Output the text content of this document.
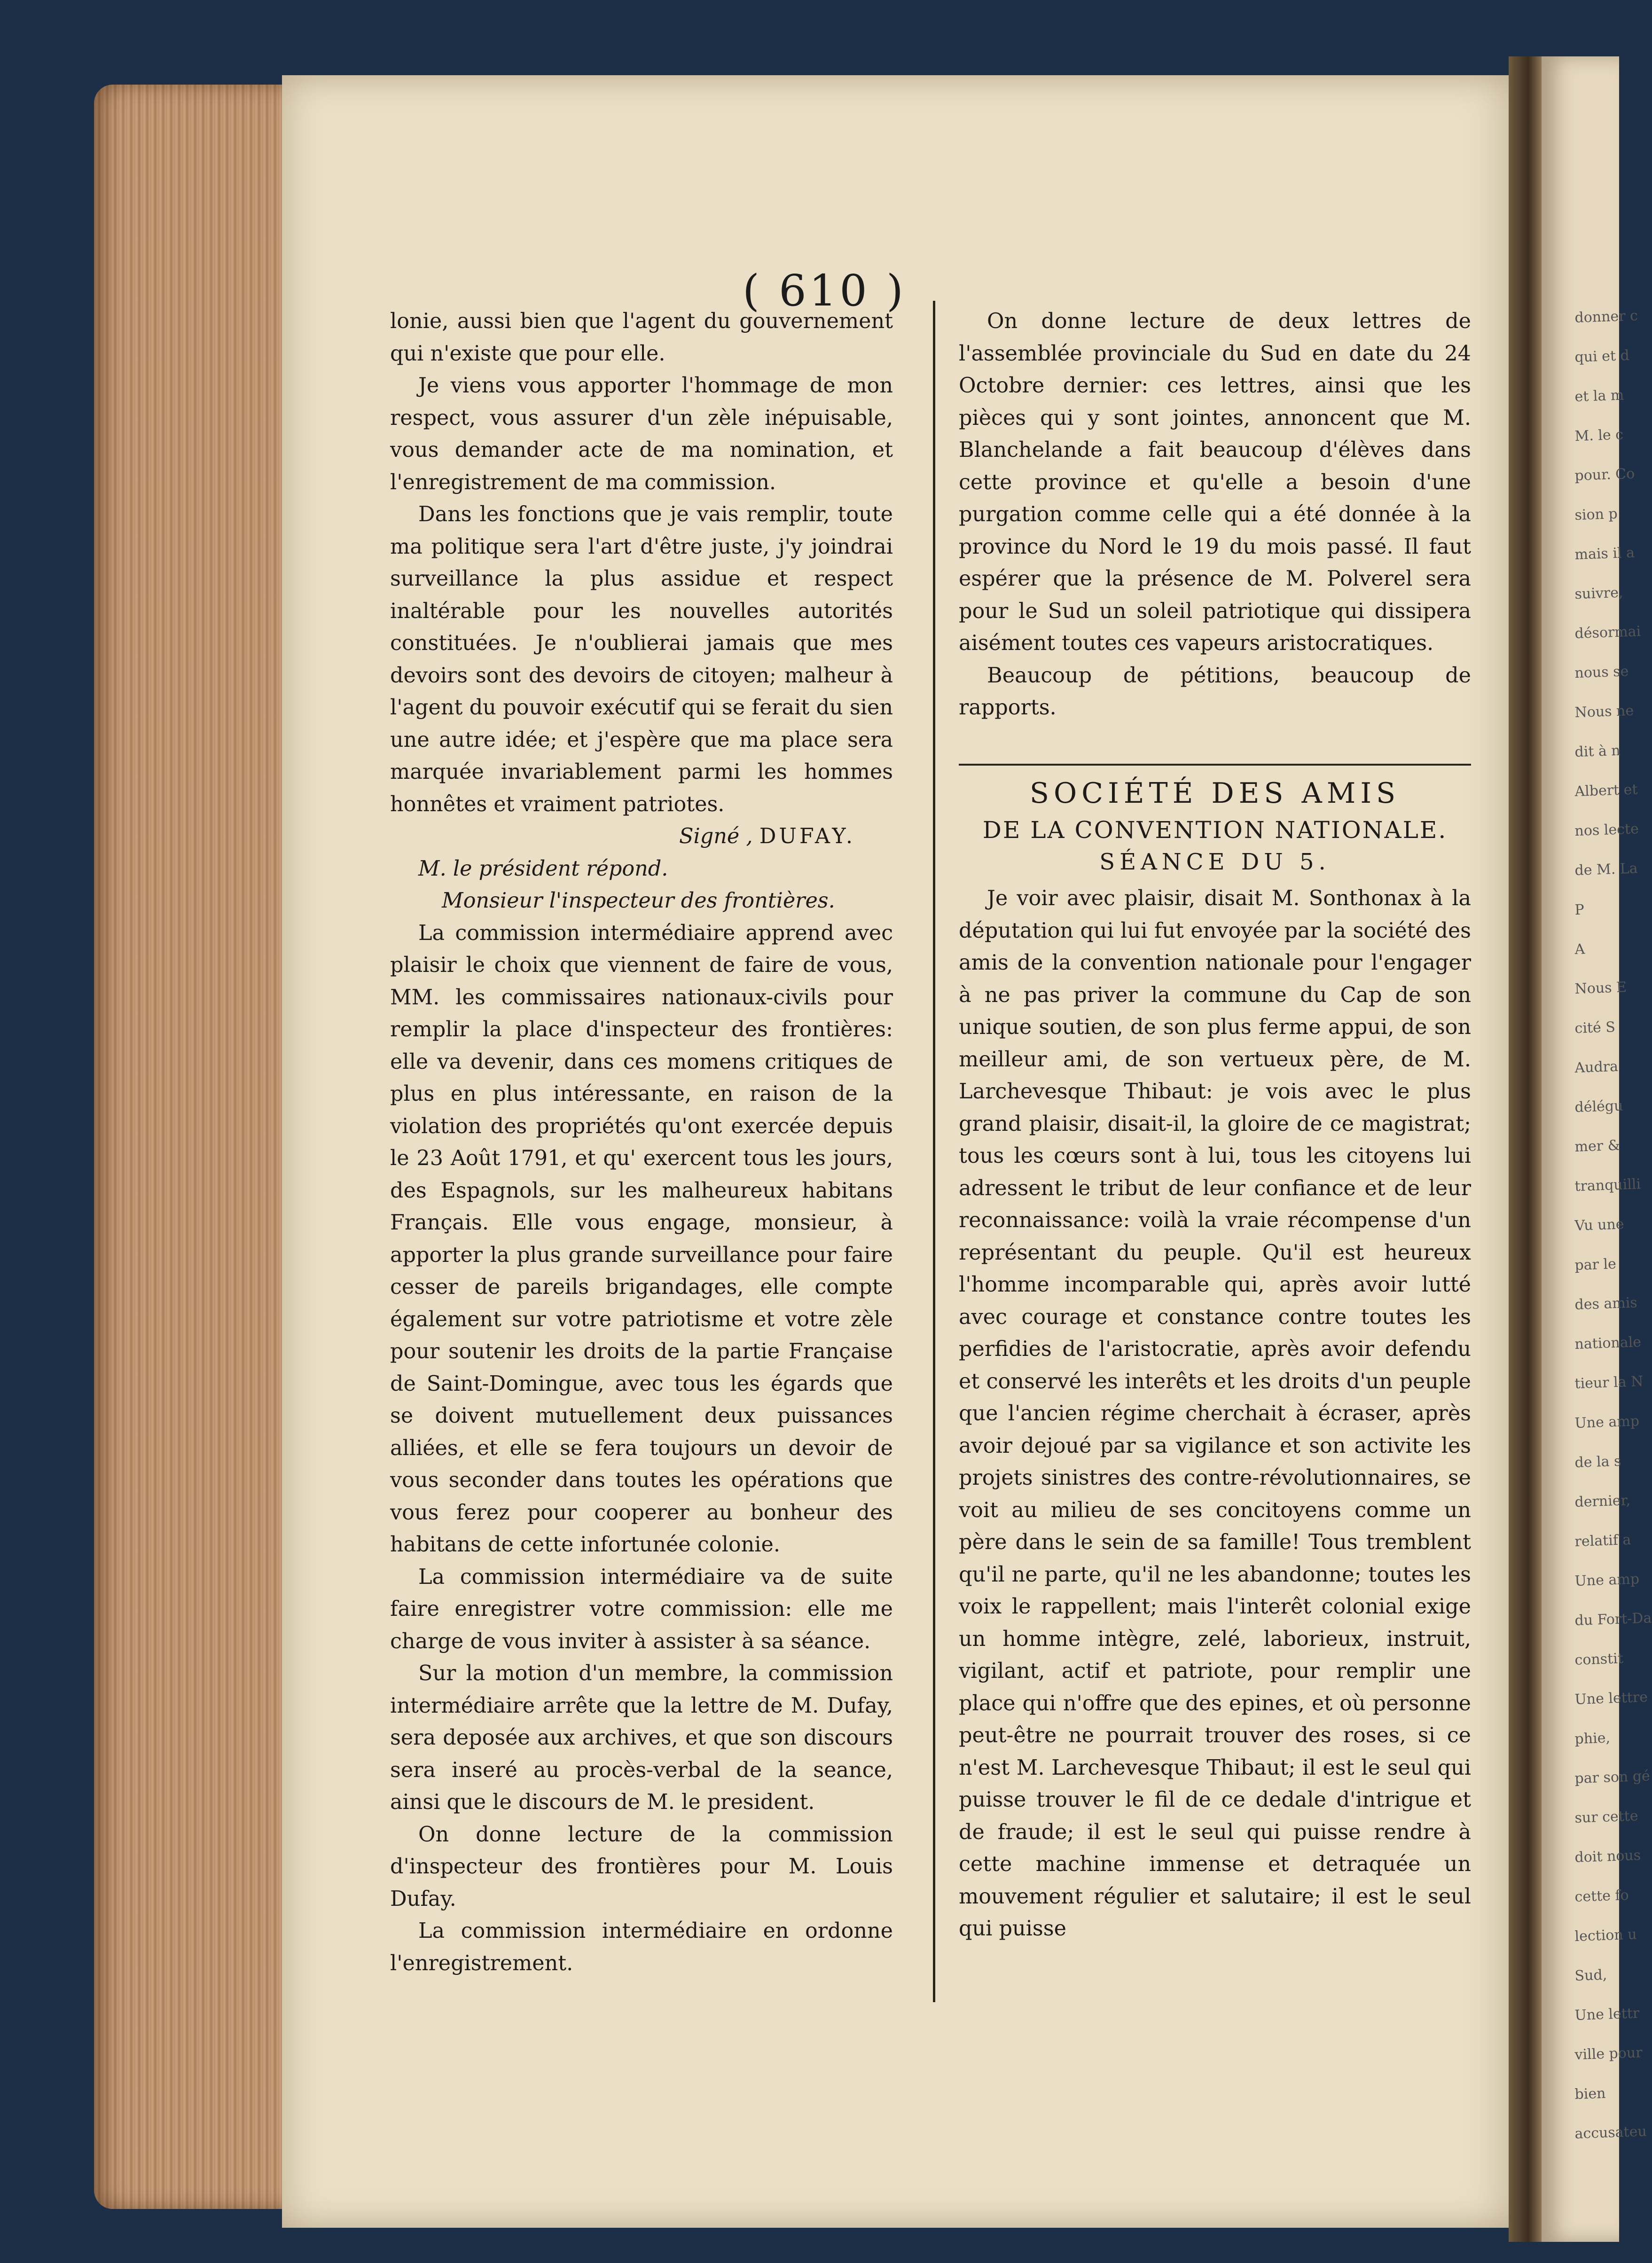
donner c

qui et d

et la m

M. le c

pour. Co

sion p

mais il a

suivre,

désormai

nous se

Nous ne

dit à n

Albert et

nos lecte

de M. La

P

A

Nous E

cité S

Audra

délégu

mer &

tranquilli

Vu une

par le

des amis

nationale

tieur la N

Une amp

de la s

dernier,

relatif a

Une amp

du Fort-Da

constit

Une lettre

phie,

par son gé

sur cette

doit nous

cette fo

lection u

Sud,

Une lettr

ville pour

bien

accusateu

( 610 )

lonie, aussi bien que l'agent du gouvernement qui n'existe que pour elle.

Je viens vous apporter l'hommage de mon respect, vous assurer d'un zèle inépuisable, vous demander acte de ma nomination, et l'enregistrement de ma commission.

Dans les fonctions que je vais remplir, toute ma politique sera l'art d'être juste, j'y joindrai surveillance la plus assidue et respect inaltérable pour les nouvelles autorités constituées. Je n'oublierai jamais que mes devoirs sont des devoirs de citoyen; malheur à l'agent du pouvoir exécutif qui se ferait du sien une autre idée; et j'espère que ma place sera marquée invariablement parmi les hommes honnêtes et vraiment patriotes.

Signé , DUFAY.

M. le président répond.

Monsieur l'inspecteur des frontières.

La commission intermédiaire apprend avec plaisir le choix que viennent de faire de vous, MM. les commissaires nationaux-civils pour remplir la place d'inspecteur des frontières: elle va devenir, dans ces momens critiques de plus en plus intéressante, en raison de la violation des propriétés qu'ont exercée depuis le 23 Août 1791, et qu' exercent tous les jours, des Espagnols, sur les malheureux habitans Français. Elle vous engage, monsieur, à apporter la plus grande surveillance pour faire cesser de pareils brigandages, elle compte également sur votre patriotisme et votre zèle pour soutenir les droits de la partie Française de Saint-Domingue, avec tous les égards que se doivent mutuellement deux puissances alliées, et elle se fera toujours un devoir de vous seconder dans toutes les opérations que vous ferez pour cooperer au bonheur des habitans de cette infortunée colonie.

La commission intermédiaire va de suite faire enregistrer votre commission: elle me charge de vous inviter à assister à sa séance.

Sur la motion d'un membre, la commission intermédiaire arrête que la lettre de M. Dufay, sera deposée aux archives, et que son discours sera inseré au procès-verbal de la seance, ainsi que le discours de M. le president.

On donne lecture de la commission d'inspecteur des frontières pour M. Louis Dufay.

La commission intermédiaire en ordonne l'enregistrement.

On donne lecture de deux lettres de l'assemblée provinciale du Sud en date du 24 Octobre dernier: ces lettres, ainsi que les pièces qui y sont jointes, annoncent que M. Blanchelande a fait beaucoup d'élèves dans cette province et qu'elle a besoin d'une purgation comme celle qui a été donnée à la province du Nord le 19 du mois passé. Il faut espérer que la présence de M. Polverel sera pour le Sud un soleil patriotique qui dissipera aisément toutes ces vapeurs aristocratiques.

Beaucoup de pétitions, beaucoup de rapports.

SOCIÉTÉ DES AMIS

DE LA CONVENTION NATIONALE.

SÉANCE DU 5.

Je voir avec plaisir, disait M. Sonthonax à la députation qui lui fut envoyée par la société des amis de la convention nationale pour l'engager à ne pas priver la commune du Cap de son unique soutien, de son plus ferme appui, de son meilleur ami, de son vertueux père, de M. Larchevesque Thibaut: je vois avec le plus grand plaisir, disait-il, la gloire de ce magistrat; tous les cœurs sont à lui, tous les citoyens lui adressent le tribut de leur confiance et de leur reconnaissance: voilà la vraie récompense d'un représentant du peuple. Qu'il est heureux l'homme incomparable qui, après avoir lutté avec courage et constance contre toutes les perfidies de l'aristocratie, après avoir defendu et conservé les interêts et les droits d'un peuple que l'ancien régime cherchait à écraser, après avoir dejoué par sa vigilance et son activite les projets sinistres des contre-révolutionnaires, se voit au milieu de ses concitoyens comme un père dans le sein de sa famille! Tous tremblent qu'il ne parte, qu'il ne les abandonne; toutes les voix le rappellent; mais l'interêt colonial exige un homme intègre, zelé, laborieux, instruit, vigilant, actif et patriote, pour remplir une place qui n'offre que des epines, et où personne peut-être ne pourrait trouver des roses, si ce n'est M. Larchevesque Thibaut; il est le seul qui puisse trouver le fil de ce dedale d'intrigue et de fraude; il est le seul qui puisse rendre à cette machine immense et detraquée un mouvement régulier et salutaire; il est le seul qui puisse
